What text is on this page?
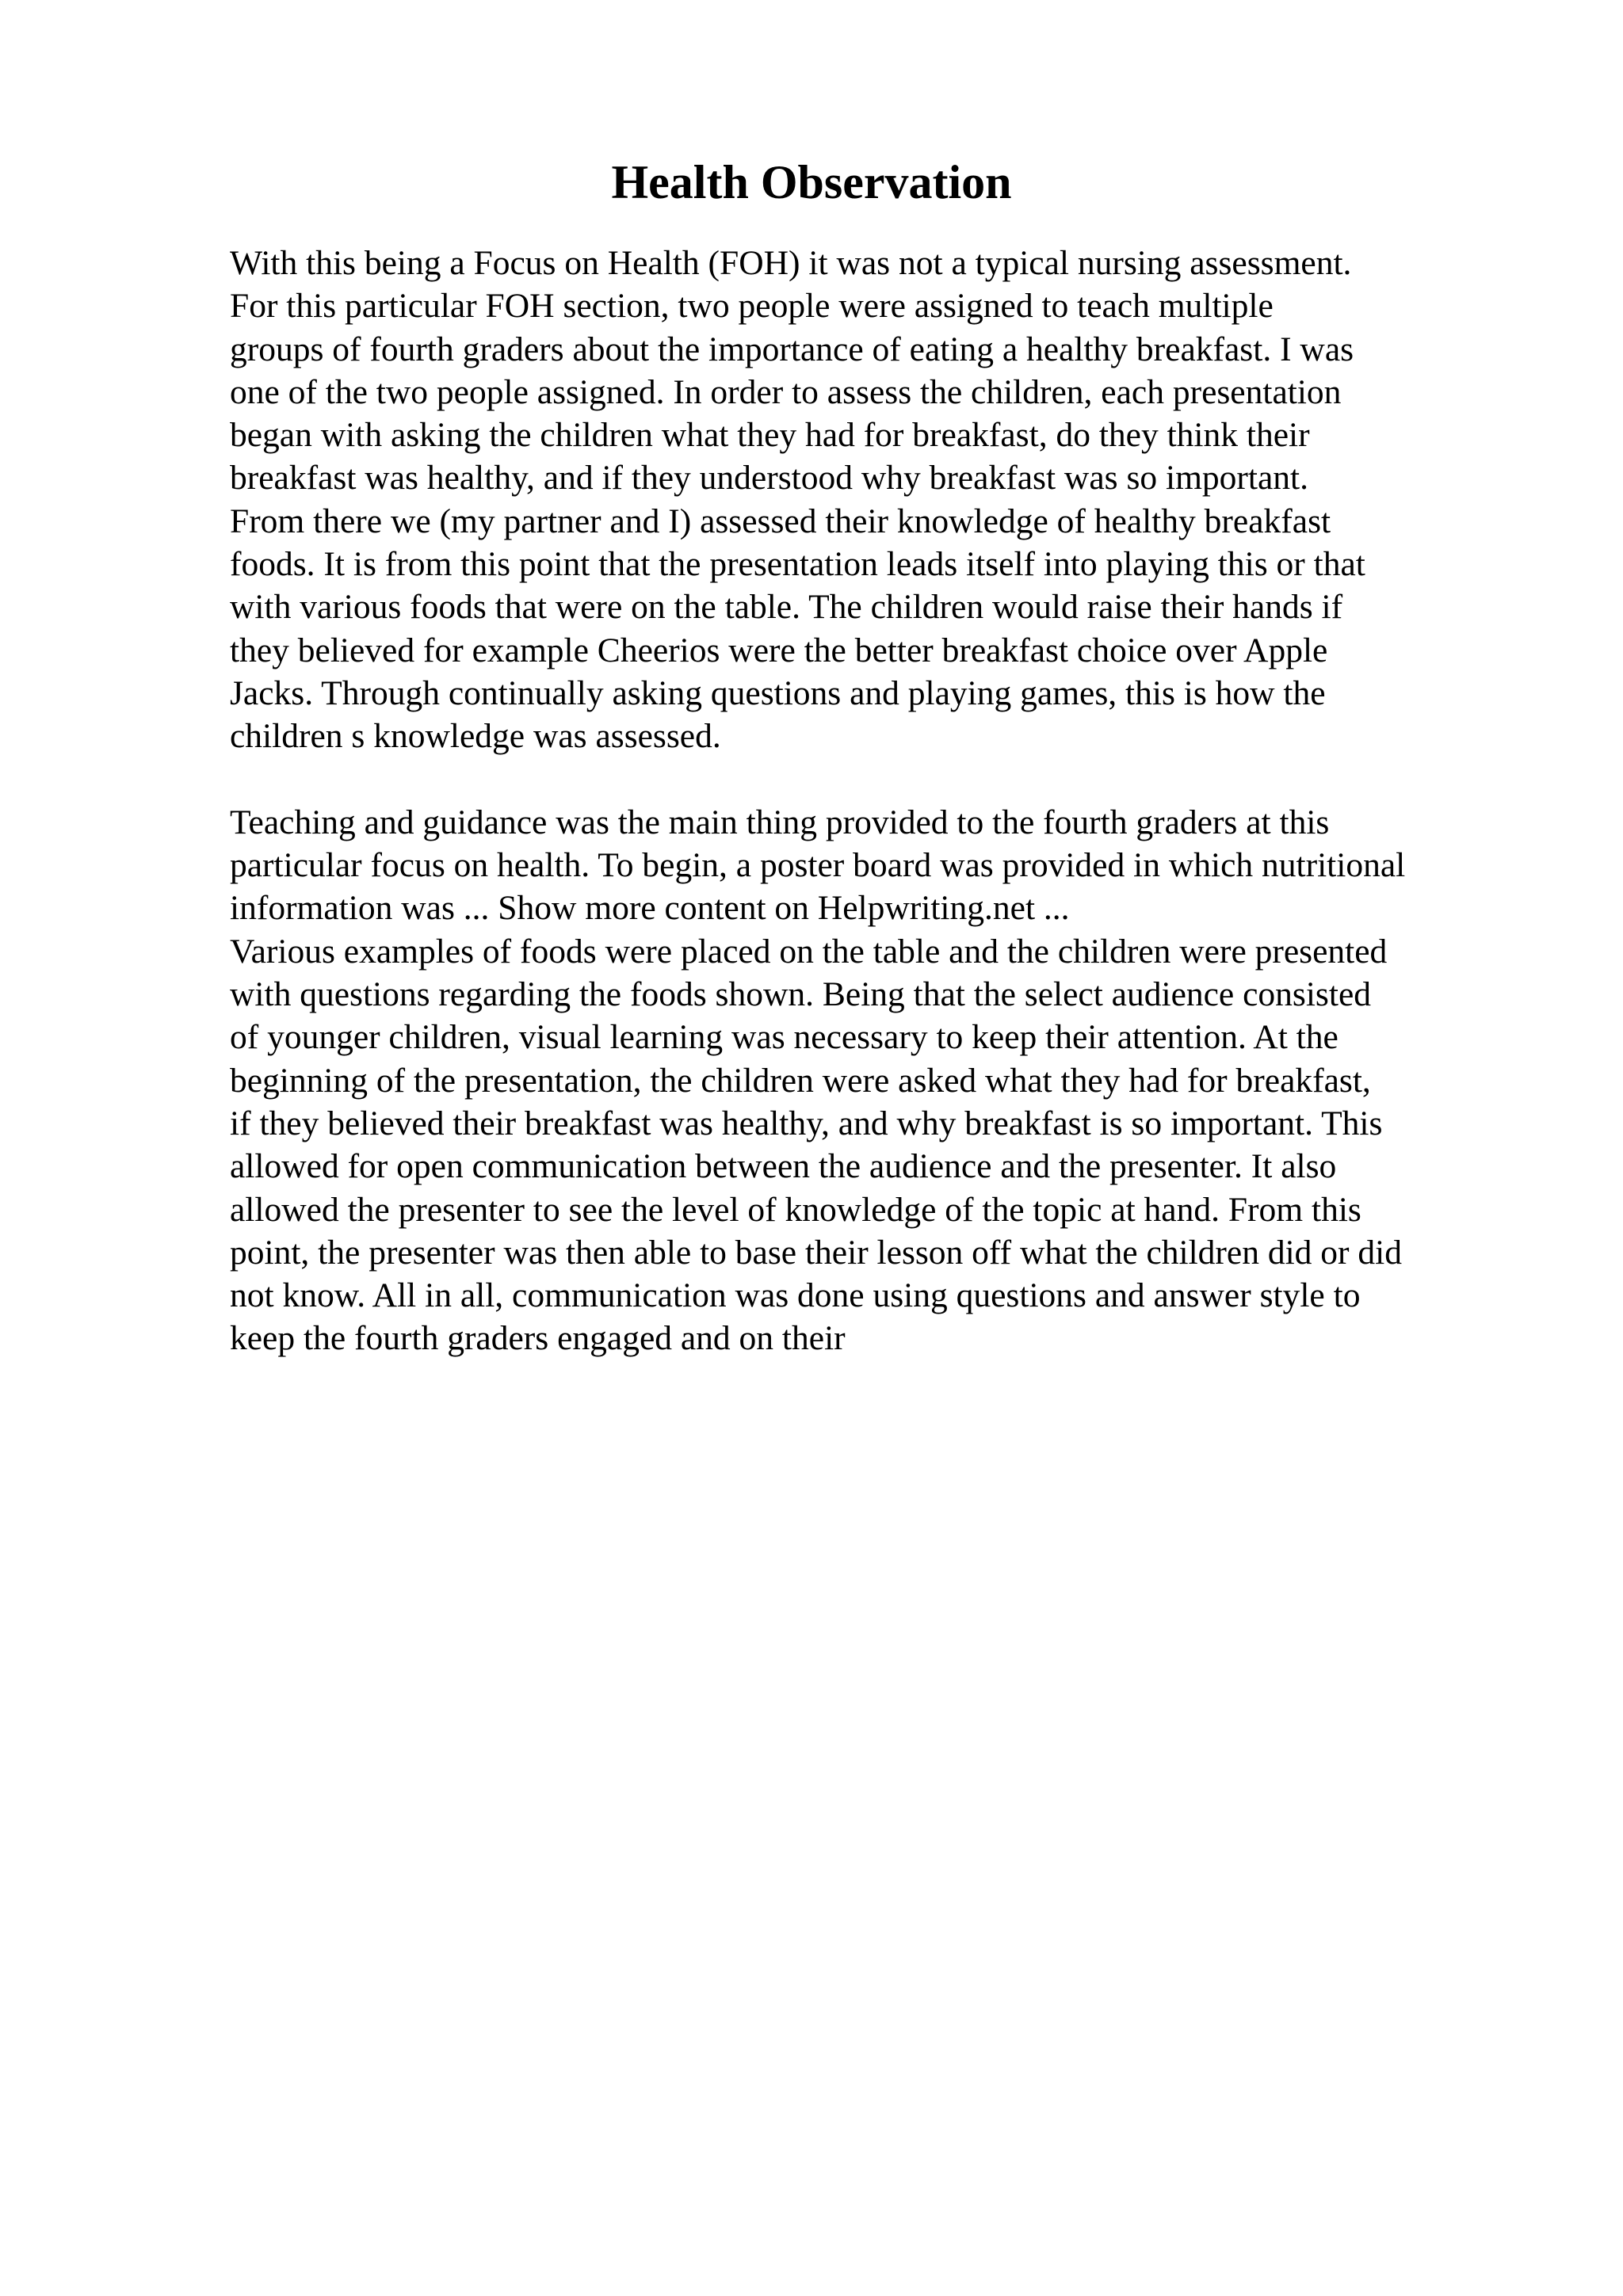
Health Observation
With this being a Focus on Health (FOH) it was not a typical nursing assessment.
For this particular FOH section, two people were assigned to teach multiple
groups of fourth graders about the importance of eating a healthy breakfast. I was
one of the two people assigned. In order to assess the children, each presentation
began with asking the children what they had for breakfast, do they think their
breakfast was healthy, and if they understood why breakfast was so important.
From there we (my partner and I) assessed their knowledge of healthy breakfast
foods. It is from this point that the presentation leads itself into playing this or that
with various foods that were on the table. The children would raise their hands if
they believed for example Cheerios were the better breakfast choice over Apple
Jacks. Through continually asking questions and playing games, this is how the
children s knowledge was assessed.
Teaching and guidance was the main thing provided to the fourth graders at this
particular focus on health. To begin, a poster board was provided in which nutritional
information was ... Show more content on Helpwriting.net ...
Various examples of foods were placed on the table and the children were presented
with questions regarding the foods shown. Being that the select audience consisted
of younger children, visual learning was necessary to keep their attention. At the
beginning of the presentation, the children were asked what they had for breakfast,
if they believed their breakfast was healthy, and why breakfast is so important. This
allowed for open communication between the audience and the presenter. It also
allowed the presenter to see the level of knowledge of the topic at hand. From this
point, the presenter was then able to base their lesson off what the children did or did
not know. All in all, communication was done using questions and answer style to
keep the fourth graders engaged and on their
